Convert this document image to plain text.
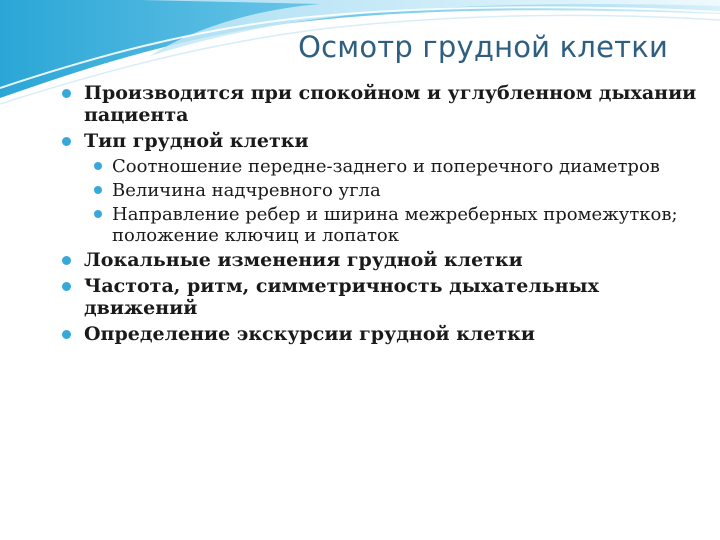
Осмотр грудной клетки
Производится при спокойном и углубленном дыхании пациента
Тип грудной клетки
Соотношение передне-заднего и поперечного диаметров
Величина надчревного угла
Направление ребер и ширина межреберных промежутков; положение ключиц и лопаток
Локальные изменения грудной клетки
Частота, ритм, симметричность дыхательных движений
Определение экскурсии грудной клетки
